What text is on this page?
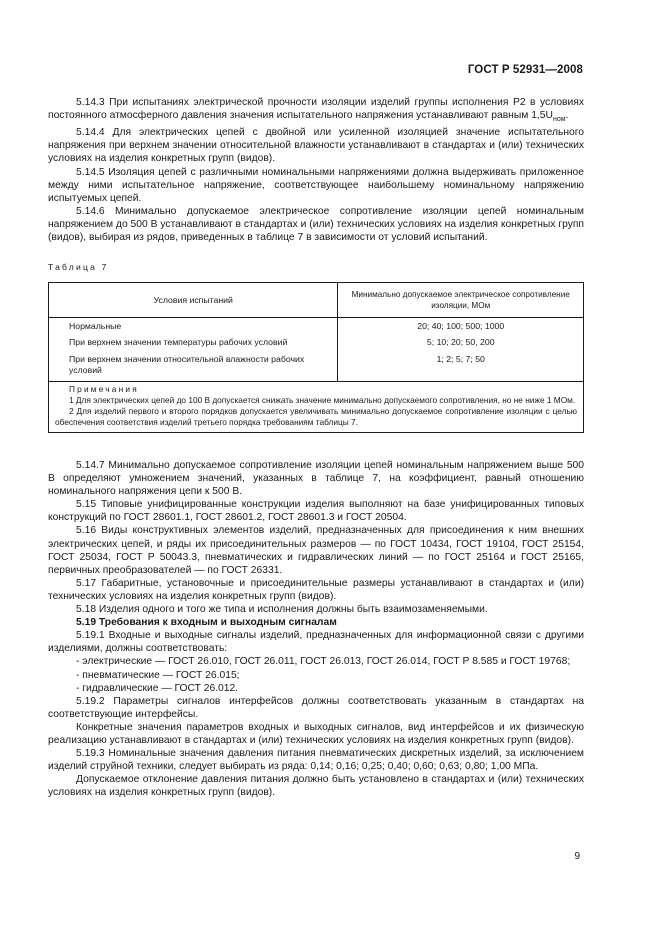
ГОСТ Р 52931—2008

5.14.3 При испытаниях электрической прочности изоляции изделий группы исполнения Р2 в условиях постоянного атмосферного давления значения испытательного напряжения устанавливают равным $1,5U_{ном}$.

5.14.4 Для электрических цепей с двойной или усиленной изоляцией значение испытательного напряжения при верхнем значении относительной влажности устанавливают в стандартах и (или) технических условиях на изделия конкретных групп (видов).

5.14.5 Изоляция цепей с различными номинальными напряжениями должна выдерживать приложенное между ними испытательное напряжение, соответствующее наибольшему номинальному напряжению испытуемых цепей.

5.14.6 Минимально допускаемое электрическое сопротивление изоляции цепей номинальным напряжением до 500 В устанавливают в стандартах и (или) технических условиях на изделия конкретных групп (видов), выбирая из рядов, приведенных в таблице 7 в зависимости от условий испытаний.

Таблица 7
Условия испытаний	Минимально допускаемое электрическое сопротивление изоляции, МОм
Нормальные	20; 40; 100; 500; 1000
При верхнем значении температуры рабочих условий	5; 10; 20; 50, 200
При верхнем значении относительной влажности рабочих условий	1; 2; 5; 7; 50

Примечания
1 Для электрических цепей до 100 В допускается снижать значение минимально допускаемого сопротивления, но не ниже 1 МОм.
2 Для изделий первого и второго порядков допускается увеличивать минимально допускаемое сопротивление изоляции с целью обеспечения соответствия изделий третьего порядка требованиям таблицы 7.	

5.14.7 Минимально допускаемое сопротивление изоляции цепей номинальным напряжением выше 500 В определяют умножением значений, указанных в таблице 7, на коэффициент, равный отношению номинального напряжения цепи к 500 В.

5.15 Типовые унифицированные конструкции изделия выполняют на базе унифицированных типовых конструкций по ГОСТ 28601.1, ГОСТ 28601.2, ГОСТ 28601.3 и ГОСТ 20504.

5.16 Виды конструктивных элементов изделий, предназначенных для присоединения к ним внешних электрических цепей, и ряды их присоединительных размеров — по ГОСТ 10434, ГОСТ 19104, ГОСТ 25154, ГОСТ 25034, ГОСТ Р 50043.3, пневматических и гидравлических линий — по ГОСТ 25164 и ГОСТ 25165, первичных преобразователей — по ГОСТ 26331.

5.17 Габаритные, установочные и присоединительные размеры устанавливают в стандартах и (или) технических условиях на изделия конкретных групп (видов).

5.18 Изделия одного и того же типа и исполнения должны быть взаимозаменяемыми.

5.19 Требования к входным и выходным сигналам

5.19.1 Входные и выходные сигналы изделий, предназначенных для информационной связи с другими изделиями, должны соответствовать:

- электрические — ГОСТ 26.010, ГОСТ 26.011, ГОСТ 26.013, ГОСТ 26.014, ГОСТ Р 8.585 и ГОСТ 19768;

- пневматические — ГОСТ 26.015;

- гидравлические — ГОСТ 26.012.

5.19.2 Параметры сигналов интерфейсов должны соответствовать указанным в стандартах на соответствующие интерфейсы.

Конкретные значения параметров входных и выходных сигналов, вид интерфейсов и их физическую реализацию устанавливают в стандартах и (или) технических условиях на изделия конкретных групп (видов).

5.19.3 Номинальные значения давления питания пневматических дискретных изделий, за исключением изделий струйной техники, следует выбирать из ряда: 0,14; 0,16; 0,25; 0,40; 0,60; 0,63; 0,80; 1,00 МПа.

Допускаемое отклонение давления питания должно быть установлено в стандартах и (или) технических условиях на изделия конкретных групп (видов).

9
